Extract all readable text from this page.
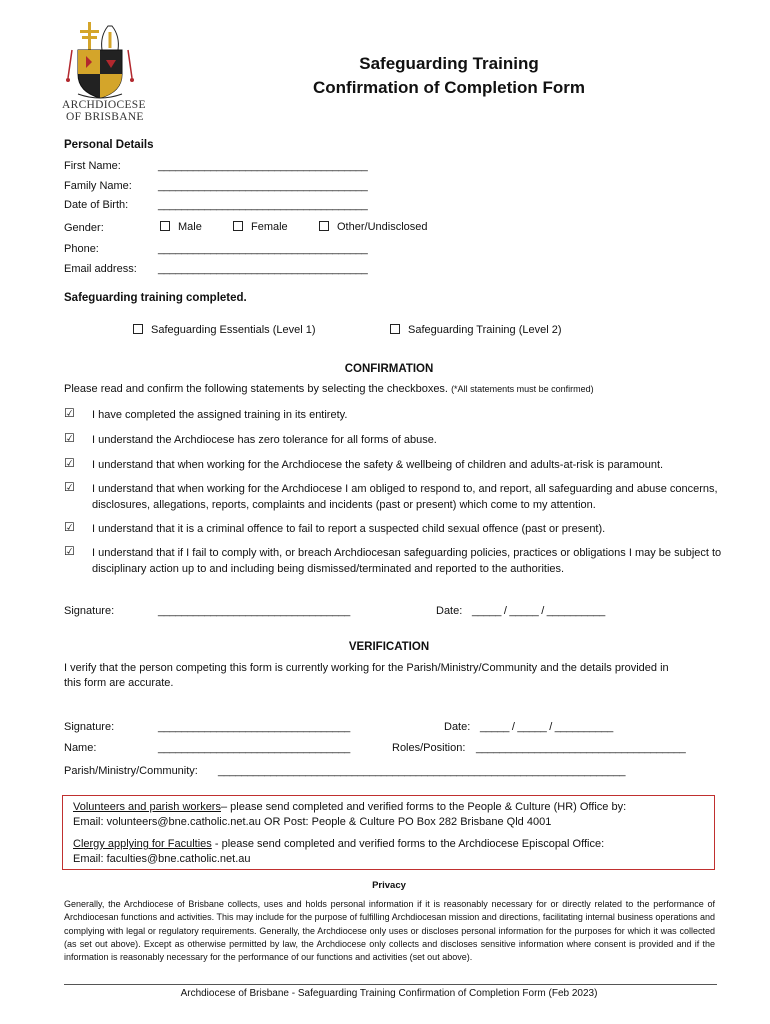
ARCHDIOCESE
OF BRISBANE
Safeguarding Training
Confirmation of Completion Form
Personal Details
First Name:	____________________________________
Family Name: ____________________________________
Date of Birth:	____________________________________
Gender:	Male	Female	Other/Undisclosed
Phone:	____________________________________
Email address: ____________________________________
Safeguarding training completed.
Safeguarding Essentials (Level 1)	Safeguarding Training (Level 2)
CONFIRMATION
Please read and confirm the following statements by selecting the checkboxes. (*All statements must be confirmed)
☑ I have completed the assigned training in its entirety.
☑ I understand the Archdiocese has zero tolerance for all forms of abuse.
☑ I understand that when working for the Archdiocese the safety & wellbeing of children and adults-at-risk is paramount.
☑ I understand that when working for the Archdiocese I am obliged to respond to, and report, all safeguarding and abuse concerns, disclosures, allegations, reports, complaints and incidents (past or present) which come to my attention.
☑ I understand that it is a criminal offence to fail to report a suspected child sexual offence (past or present).
☑ I understand that if I fail to comply with, or breach Archdiocesan safeguarding policies, practices or obligations I may be subject to disciplinary action up to and including being dismissed/terminated and reported to the authorities.
Signature:	_________________________________	Date: _____ / _____ / __________
VERIFICATION
I verify that the person competing this form is currently working for the Parish/Ministry/Community and the details provided in this form are accurate.
Signature:	_________________________________	Date: _____ / _____ / __________
Name:	_________________________________	Roles/Position: ____________________________________
Parish/Ministry/Community: ______________________________________________________________________
Volunteers and parish workers– please send completed and verified forms to the People & Culture (HR) Office by:
Email: volunteers@bne.catholic.net.au OR Post: People & Culture PO Box 282 Brisbane Qld 4001
Clergy applying for Faculties - please send completed and verified forms to the Archdiocese Episcopal Office:
Email: faculties@bne.catholic.net.au
Privacy
Generally, the Archdiocese of Brisbane collects, uses and holds personal information if it is reasonably necessary for or directly related to the performance of Archdiocesan functions and activities. This may include for the purpose of fulfilling Archdiocesan mission and directions, facilitating internal business operations and complying with legal or regulatory requirements. Generally, the Archdiocese only uses or discloses personal information for the purposes for which it was collected (as set out above). Except as otherwise permitted by law, the Archdiocese only collects and discloses sensitive information where consent is provided and if the information is reasonably necessary for the performance of our functions and activities (set out above).
Archdiocese of Brisbane - Safeguarding Training Confirmation of Completion Form (Feb 2023)
